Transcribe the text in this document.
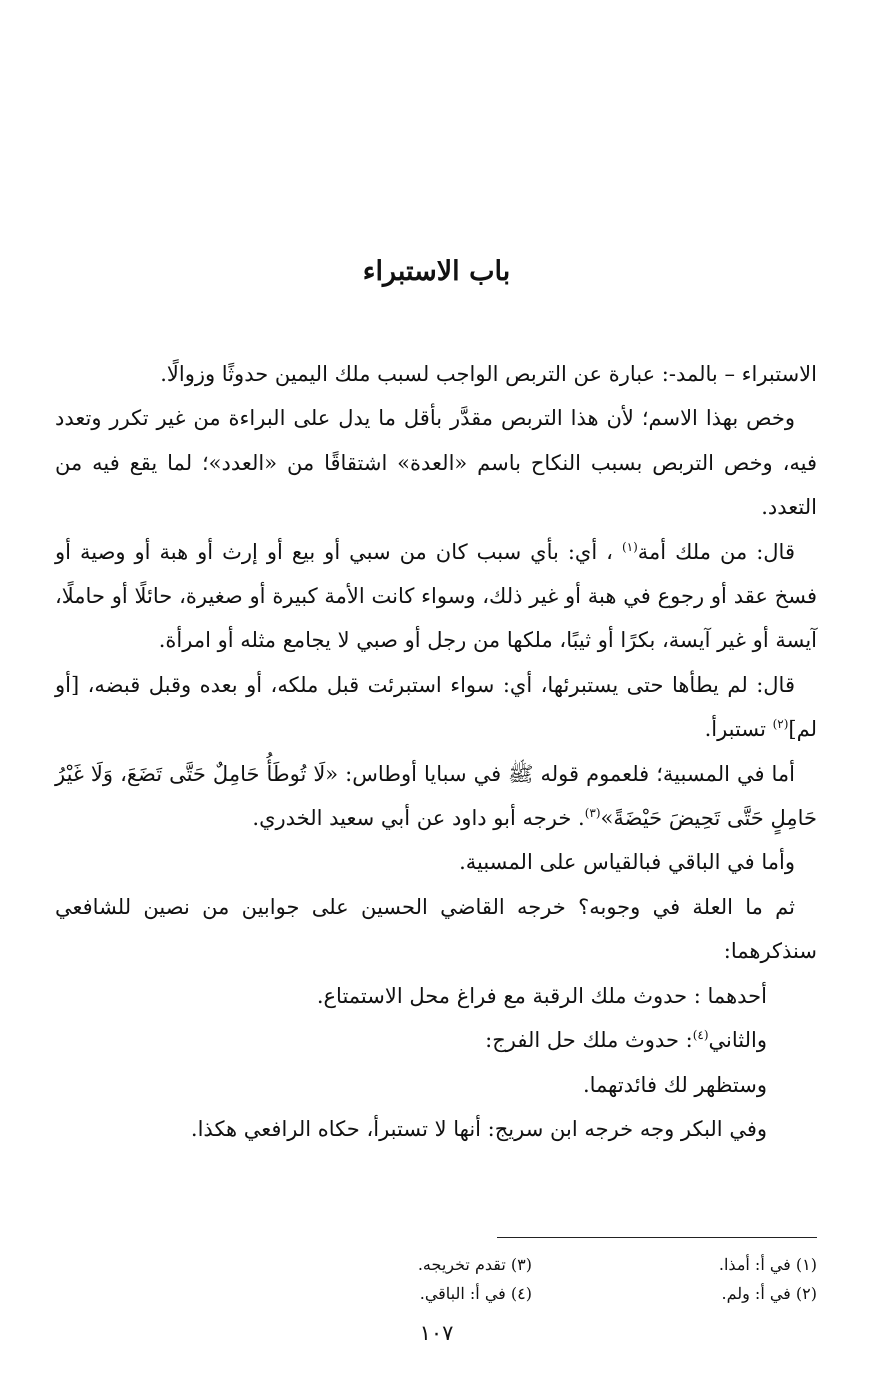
باب الاستبراء

الاستبراء – بالمد-: عبارة عن التربص الواجب لسبب ملك اليمين حدوثًا وزوالًا.

وخص بهذا الاسم؛ لأن هذا التربص مقدَّر بأقل ما يدل على البراءة من غير تكرر وتعدد فيه، وخص التربص بسبب النكاح باسم «العدة» اشتقاقًا من «العدد»؛ لما يقع فيه من التعدد.

قال: من ملك أمة$^{(١)}$ ، أي: بأي سبب كان من سبي أو بيع أو إرث أو هبة أو وصية أو فسخ عقد أو رجوع في هبة أو غير ذلك، وسواء كانت الأمة كبيرة أو صغيرة، حائلًا أو حاملًا، آيسة أو غير آيسة، بكرًا أو ثيبًا، ملكها من رجل أو صبي لا يجامع مثله أو امرأة.

قال: لم يطأها حتى يستبرئها، أي: سواء استبرئت قبل ملكه، أو بعده وقبل قبضه، [أو لم]$^{(٢)}$ تستبرأ.

أما في المسبية؛ فلعموم قوله ﷺ في سبايا أوطاس: «لَا تُوطَأُ حَامِلٌ حَتَّى تَضَعَ، وَلَا غَيْرُ حَامِلٍ حَتَّى تَحِيضَ حَيْضَةً»$^{(٣)}$. خرجه أبو داود عن أبي سعيد الخدري.

وأما في الباقي فبالقياس على المسبية.

ثم ما العلة في وجوبه؟ خرجه القاضي الحسين على جوابين من نصين للشافعي سنذكرهما:

أحدهما : حدوث ملك الرقبة مع فراغ محل الاستمتاع.

والثاني$^{(٤)}$: حدوث ملك حل الفرج:

وستظهر لك فائدتهما.

وفي البكر وجه خرجه ابن سريج: أنها لا تستبرأ، حكاه الرافعي هكذا.

(١) في أ: أمذا.
(٢) في أ: ولم.
(٣) تقدم تخريجه.
(٤) في أ: الباقي.
١٠٧
